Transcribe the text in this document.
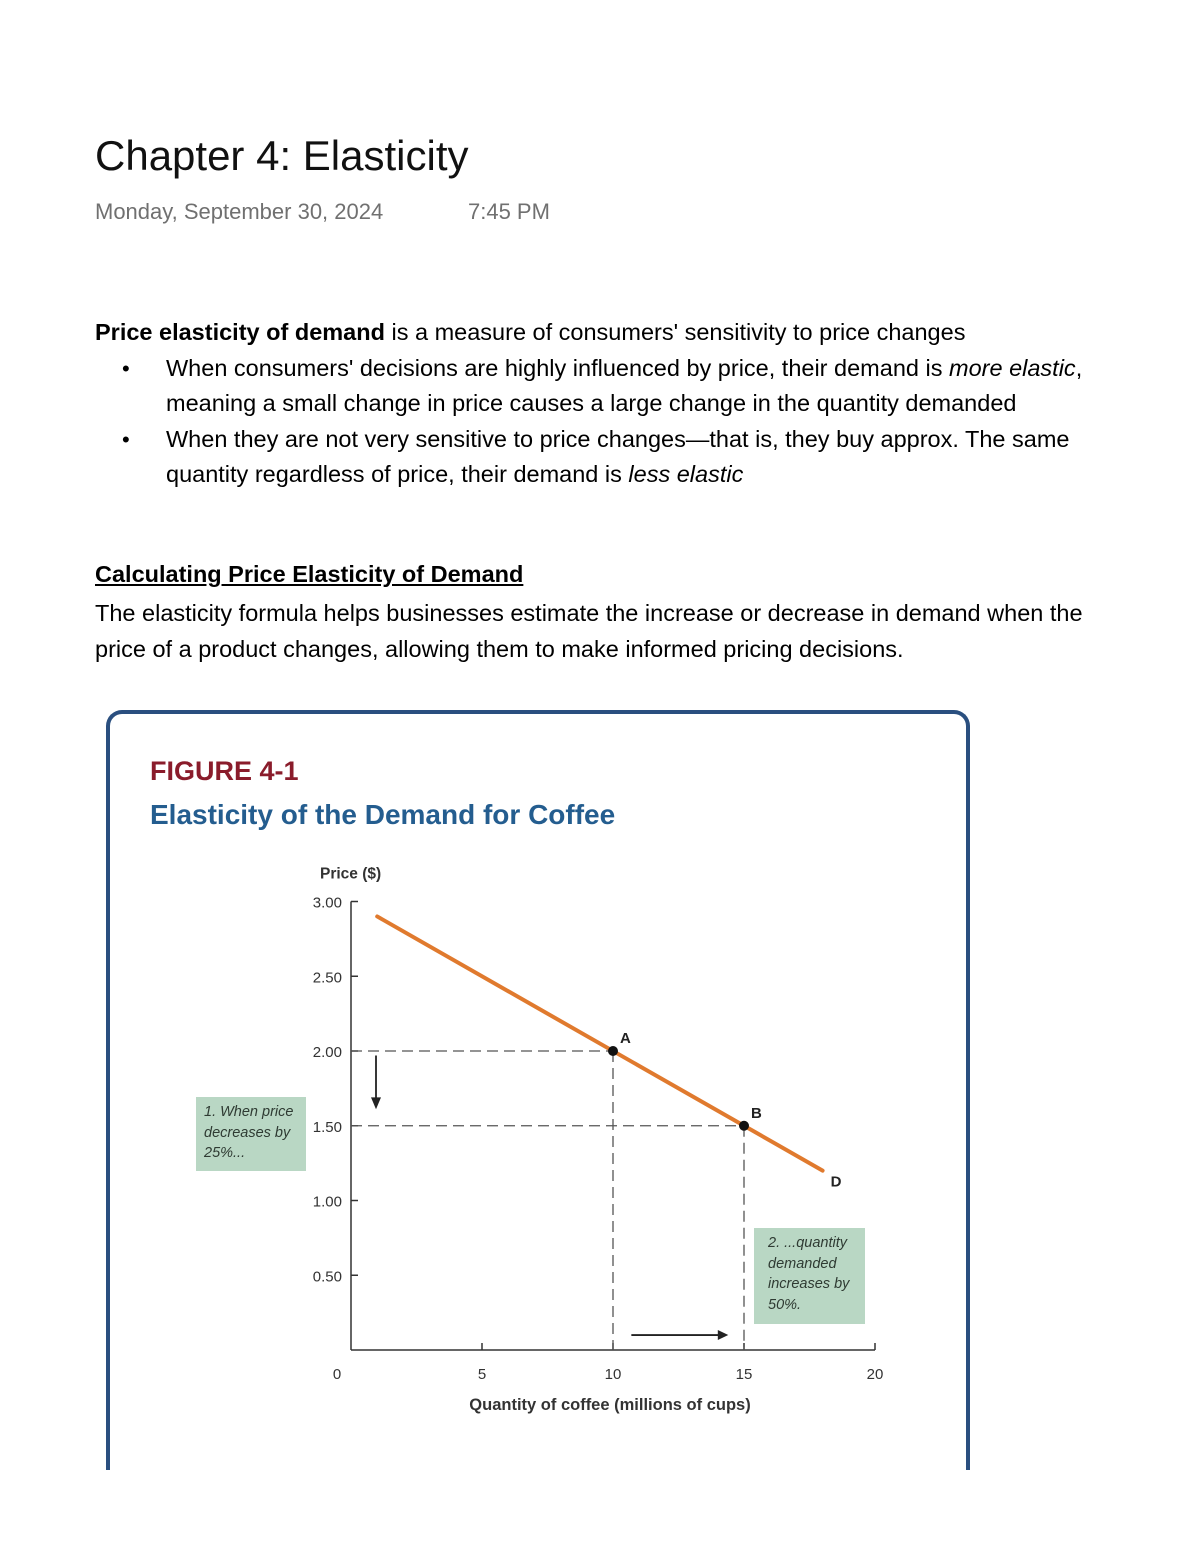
Chapter 4: Elasticity
Monday, September 30, 2024	7:45 PM
Price elasticity of demand is a measure of consumers' sensitivity to price changes
• When consumers' decisions are highly influenced by price, their demand is more elastic, meaning a small change in price causes a large change in the quantity demanded
• When they are not very sensitive to price changes—that is, they buy approx. The same quantity regardless of price, their demand is less elastic
Calculating Price Elasticity of Demand
The elasticity formula helps businesses estimate the increase or decrease in demand when the price of a product changes, allowing them to make informed pricing decisions.
FIGURE 4-1
Elasticity of the Demand for Coffee
0.50
1.00
1.50
2.00
2.50
3.00
0	5	10	15	20
Price ($)
Quantity of coffee (millions of cups)
D
A
B
1. When price decreases by 25%...
2. ...quantity demanded increases by 50%.
